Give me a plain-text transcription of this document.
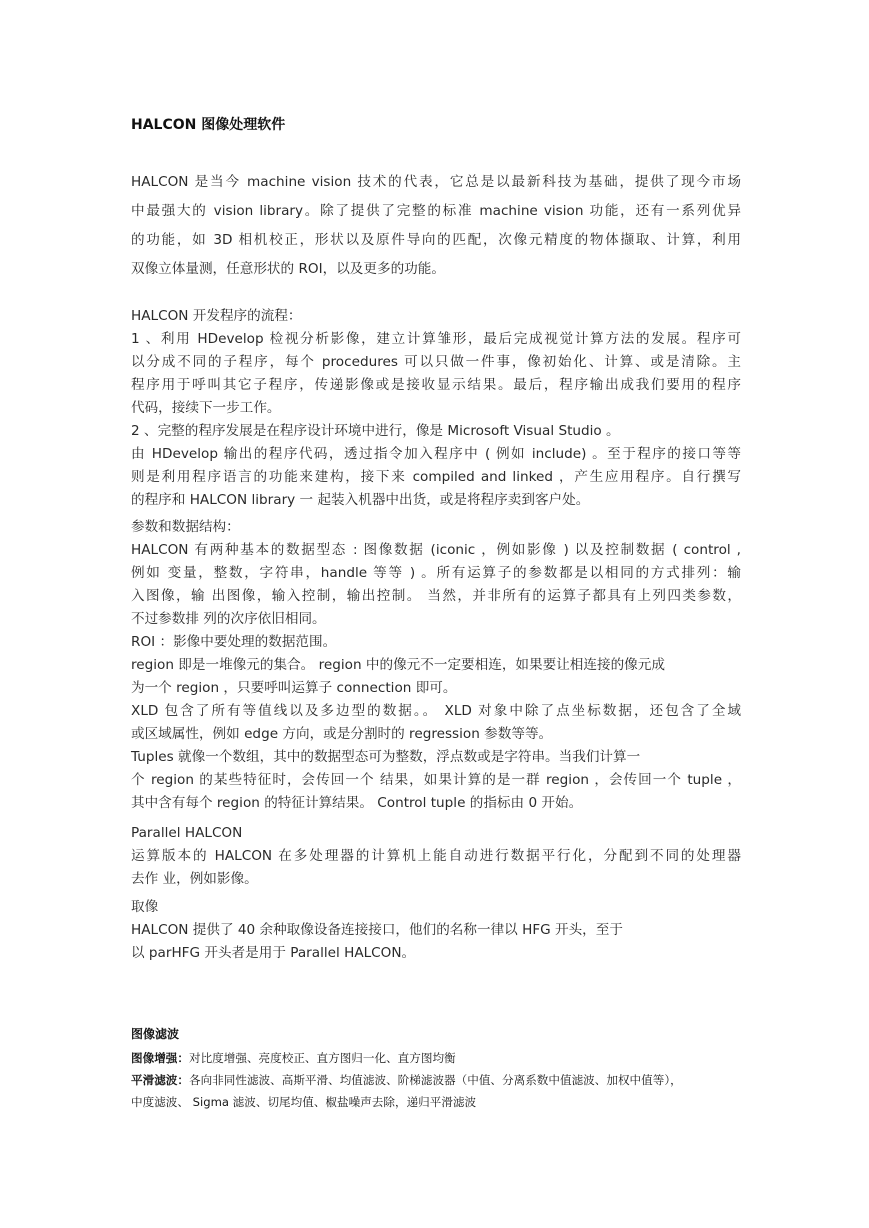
HALCON 图像处理软件
HALCON 是当今 machine vision 技术的代表，它总是以最新科技为基础，提供了现今市场
中最强大的 vision library。除了提供了完整的标准 machine vision 功能，还有一系列优异
的功能，如 3D 相机校正，形状以及原件导向的匹配，次像元精度的物体撷取、计算，利用
双像立体量测，任意形状的 ROI，以及更多的功能。
HALCON 开发程序的流程：
1 、利用 HDevelop 检视分析影像，建立计算雏形，最后完成视觉计算方法的发展。程序可
以分成不同的子程序，每个 procedures 可以只做一件事，像初始化、计算、或是清除。主
程序用于呼叫其它子程序，传递影像或是接收显示结果。最后，程序输出成我们要用的程序
代码，接续下一步工作。
2 、完整的程序发展是在程序设计环境中进行，像是 Microsoft Visual Studio 。
由 HDevelop 输出的程序代码，透过指令加入程序中 ( 例如 include) 。至于程序的接口等等
则是利用程序语言的功能来建构，接下来 compiled and linked ，产生应用程序。自行撰写
的程序和 HALCON library 一 起装入机器中出货，或是将程序卖到客户处。
参数和数据结构：
HALCON 有两种基本的数据型态 : 图像数据 (iconic ，例如影像 ) 以及控制数据 ( control ,
例如 变量，整数，字符串，handle 等等 ) 。所有运算子的参数都是以相同的方式排列：输
入图像，输 出图像，输入控制，输出控制。 当然，并非所有的运算子都具有上列四类参数，
不过参数排 列的次序依旧相同。
ROI ：影像中要处理的数据范围。
region 即是一堆像元的集合。 region 中的像元不一定要相连，如果要让相连接的像元成
为一个 region ，只要呼叫运算子 connection 即可。
XLD 包含了所有等值线以及多边型的数据。。 XLD 对象中除了点坐标数据，还包含了全域
或区域属性，例如 edge 方向，或是分割时的 regression 参数等等。
Tuples 就像一个数组，其中的数据型态可为整数，浮点数或是字符串。当我们计算一
个 region 的某些特征时，会传回一个 结果，如果计算的是一群 region ，会传回一个 tuple ，
其中含有每个 region 的特征计算结果。 Control tuple 的指标由 0 开始。
Parallel HALCON
运算版本的 HALCON 在多处理器的计算机上能自动进行数据平行化，分配到不同的处理器
去作 业，例如影像。
取像
HALCON 提供了 40 余种取像设备连接接口，他们的名称一律以 HFG 开头，至于
以 parHFG 开头者是用于 Parallel HALCON。
图像滤波
图像增强：对比度增强、亮度校正、直方图归一化、直方图均衡
平滑滤波：各向非同性滤波、高斯平滑、均值滤波、阶梯滤波器（中值、分离系数中值滤波、加权中值等），
中度滤波、 Sigma 滤波、切尾均值、椒盐噪声去除，递归平滑滤波
